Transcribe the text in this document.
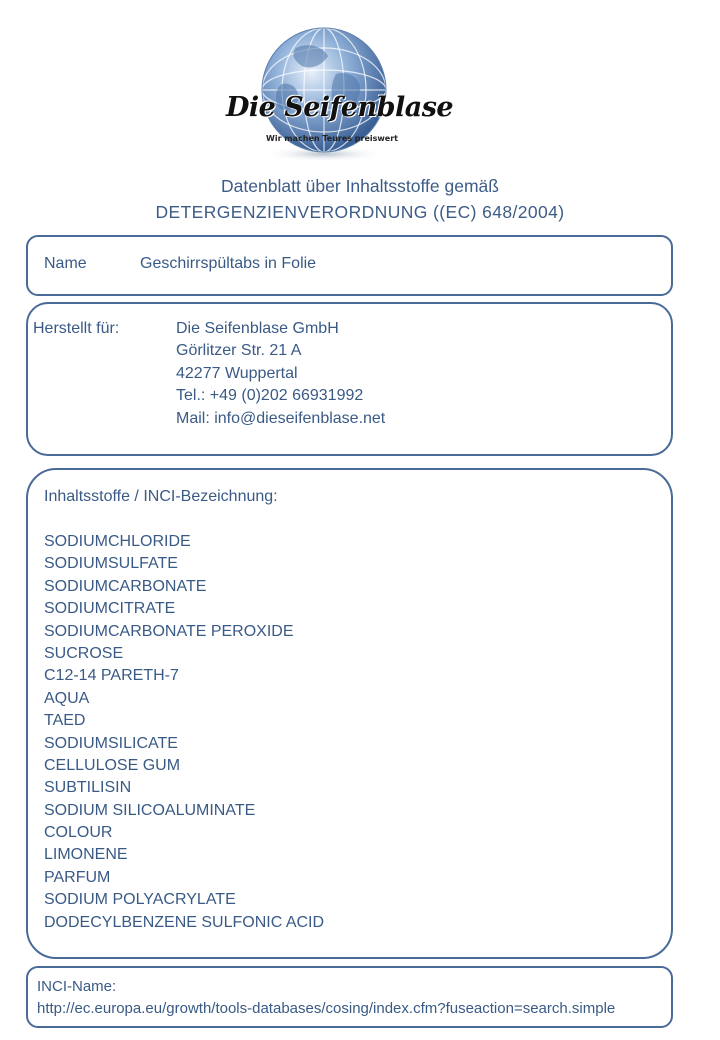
Die Seifenblase
Wir machen Teures preiswert
Datenblatt über Inhaltsstoffe gemäß
DETERGENZIENVERORDNUNG ((EC) 648/2004)
Name	Geschirrspültabs in Folie
Herstellt für:	Die Seifenblase GmbH
Görlitzer Str. 21 A
42277 Wuppertal
Tel.: +49 (0)202 66931992
Mail: info@dieseifenblase.net
Inhaltsstoffe / INCI-Bezeichnung:
SODIUMCHLORIDE
SODIUMSULFATE
SODIUMCARBONATE
SODIUMCITRATE
SODIUMCARBONATE PEROXIDE
SUCROSE
C12-14 PARETH-7
AQUA
TAED
SODIUMSILICATE
CELLULOSE GUM
SUBTILISIN
SODIUM SILICOALUMINATE
COLOUR
LIMONENE
PARFUM
SODIUM POLYACRYLATE
DODECYLBENZENE SULFONIC ACID
INCI-Name:
http://ec.europa.eu/growth/tools-databases/cosing/index.cfm?fuseaction=search.simple
